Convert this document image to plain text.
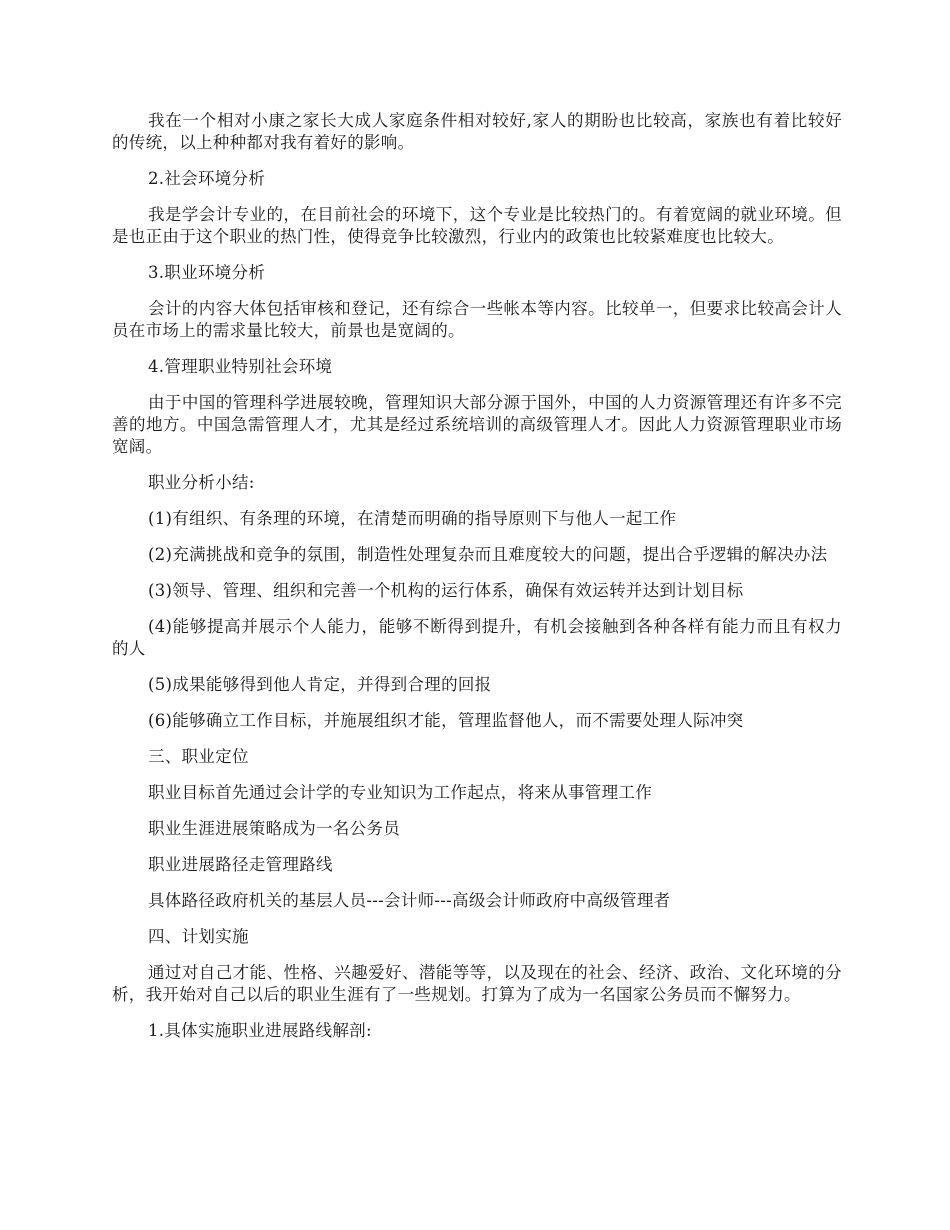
我在一个相对小康之家长大成人家庭条件相对较好,家人的期盼也比较高，家族也有着比较好的传统，以上种种都对我有着好的影响。

2.社会环境分析

我是学会计专业的，在目前社会的环境下，这个专业是比较热门的。有着宽阔的就业环境。但是也正由于这个职业的热门性，使得竞争比较激烈，行业内的政策也比较紧难度也比较大。

3.职业环境分析

会计的内容大体包括审核和登记，还有综合一些帐本等内容。比较单一，但要求比较高会计人员在市场上的需求量比较大，前景也是宽阔的。

4.管理职业特别社会环境

由于中国的管理科学进展较晚，管理知识大部分源于国外，中国的人力资源管理还有许多不完善的地方。中国急需管理人才，尤其是经过系统培训的高级管理人才。因此人力资源管理职业市场宽阔。

职业分析小结:

(1)有组织、有条理的环境，在清楚而明确的指导原则下与他人一起工作

(2)充满挑战和竞争的氛围，制造性处理复杂而且难度较大的问题，提出合乎逻辑的解决办法

(3)领导、管理、组织和完善一个机构的运行体系，确保有效运转并达到计划目标

(4)能够提高并展示个人能力，能够不断得到提升，有机会接触到各种各样有能力而且有权力的人

(5)成果能够得到他人肯定，并得到合理的回报

(6)能够确立工作目标，并施展组织才能，管理监督他人，而不需要处理人际冲突

三、职业定位

职业目标首先通过会计学的专业知识为工作起点，将来从事管理工作

职业生涯进展策略成为一名公务员

职业进展路径走管理路线

具体路径政府机关的基层人员---会计师---高级会计师政府中高级管理者

四、计划实施

通过对自己才能、性格、兴趣爱好、潜能等等，以及现在的社会、经济、政治、文化环境的分析，我开始对自己以后的职业生涯有了一些规划。打算为了成为一名国家公务员而不懈努力。

1.具体实施职业进展路线解剖:
